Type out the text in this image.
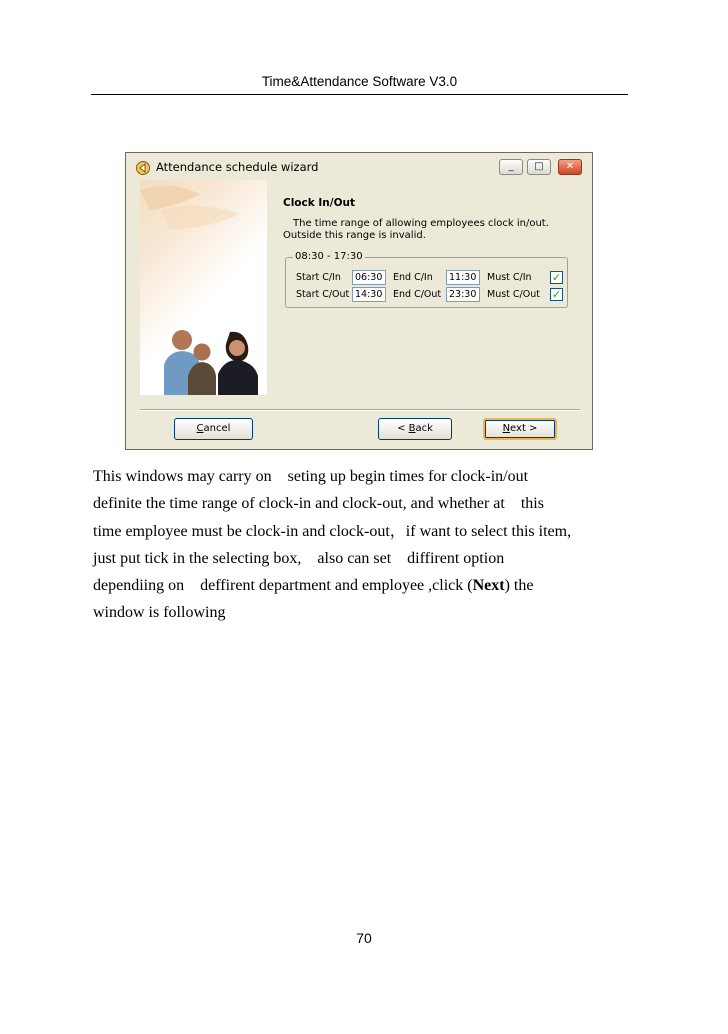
Time&Attendance Software V3.0
Attendance schedule wizard	_	□	✕
Clock In/Out
The time range of allowing employees clock in/out.
Outside this range is invalid.
08:30 - 17:30
Start C/In	06:30	End C/In	11:30	Must C/In ✓
Start C/Out 14:30	End C/Out 23:30	Must C/Out ✓
Cancel	< Back	Next >

This windows may carry on    seting up begin times for clock-in/out

definite the time range of clock-in and clock-out, and whether at    this

time employee must be clock-in and clock-out，if want to select this item,

just put tick in the selecting box,    also can set    diffirent option

dependiing on    deffirent department and employee ,click (Next) the

window is following

70
